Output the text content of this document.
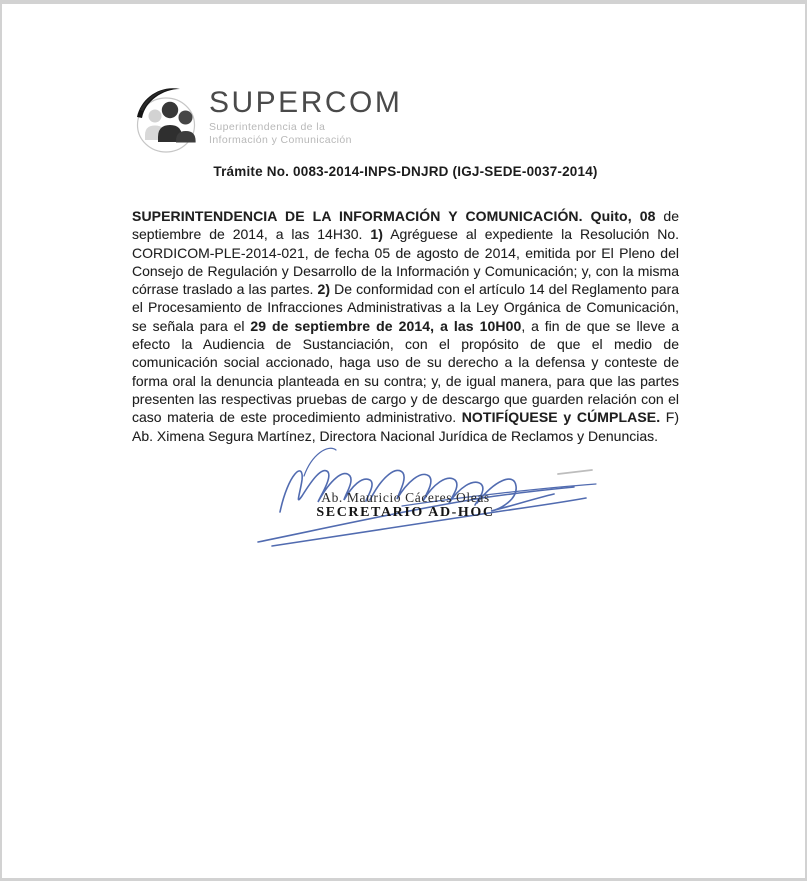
SUPERCOM
Superintendencia de la
Información y Comunicación
Trámite No. 0083-2014-INPS-DNJRD (IGJ-SEDE-0037-2014)

SUPERINTENDENCIA DE LA INFORMACIÓN Y COMUNICACIÓN. Quito, 08 de septiembre de 2014, a las 14H30. 1) Agréguese al expediente la Resolución No. CORDICOM-PLE-2014-021, de fecha 05 de agosto de 2014, emitida por El Pleno del Consejo de Regulación y Desarrollo de la Información y Comunicación; y, con la misma córrase traslado a las partes. 2) De conformidad con el artículo 14 del Reglamento para el Procesamiento de Infracciones Administrativas a la Ley Orgánica de Comunicación, se señala para el 29 de septiembre de 2014, a las 10H00, a fin de que se lleve a efecto la Audiencia de Sustanciación, con el propósito de que el medio de comunicación social accionado, haga uso de su derecho a la defensa y conteste de forma oral la denuncia planteada en su contra; y, de igual manera, para que las partes presenten las respectivas pruebas de cargo y de descargo que guarden relación con el caso materia de este procedimiento administrativo. NOTIFÍQUESE y CÚMPLASE. F) Ab. Ximena Segura Martínez, Directora Nacional Jurídica de Reclamos y Denuncias.

Ab. Mauricio Cáceres Oleas
SECRETARIO AD-HOC
